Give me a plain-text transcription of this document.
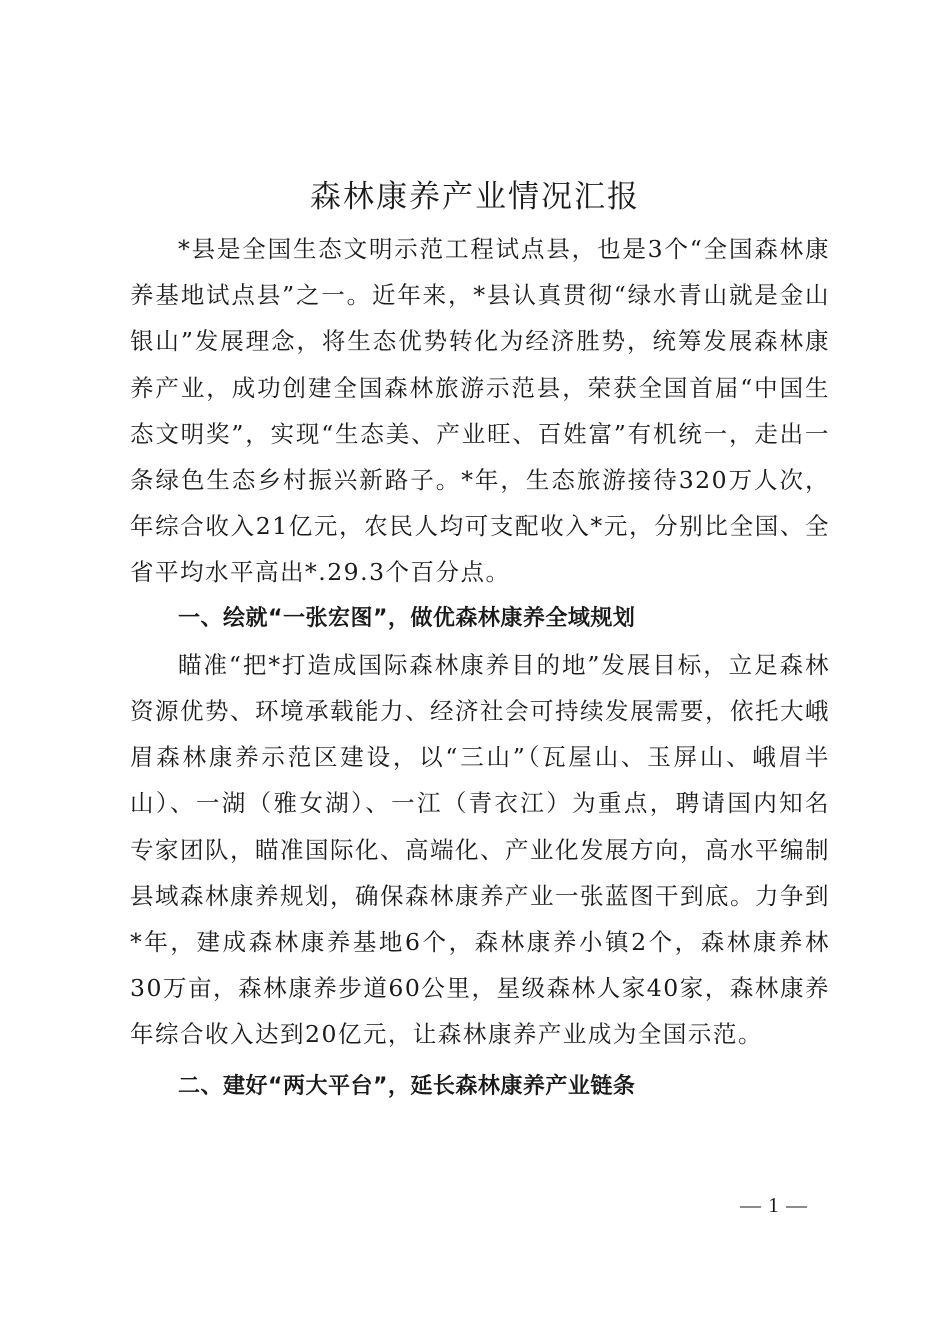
森林康养产业情况汇报

*县是全国生态文明示范工程试点县，也是3个“全国森林康养基地试点县”之一。近年来，*县认真贯彻“绿水青山就是金山银山”发展理念，将生态优势转化为经济胜势，统筹发展森林康养产业，成功创建全国森林旅游示范县，荣获全国首届“中国生态文明奖”，实现“生态美、产业旺、百姓富”有机统一，走出一条绿色生态乡村振兴新路子。*年，生态旅游接待320万人次，年综合收入21亿元，农民人均可支配收入*元，分别比全国、全省平均水平高出*.29.3个百分点。

一、绘就“一张宏图”，做优森林康养全域规划

瞄准“把*打造成国际森林康养目的地”发展目标，立足森林资源优势、环境承载能力、经济社会可持续发展需要，依托大峨眉森林康养示范区建设，以“三山”（瓦屋山、玉屏山、峨眉半山）、一湖（雅女湖）、一江（青衣江）为重点，聘请国内知名专家团队，瞄准国际化、高端化、产业化发展方向，高水平编制县域森林康养规划，确保森林康养产业一张蓝图干到底。力争到*年，建成森林康养基地6个，森林康养小镇2个，森林康养林30万亩，森林康养步道60公里，星级森林人家40家，森林康养年综合收入达到20亿元，让森林康养产业成为全国示范。

二、建好“两大平台”，延长森林康养产业链条

— 1 —
